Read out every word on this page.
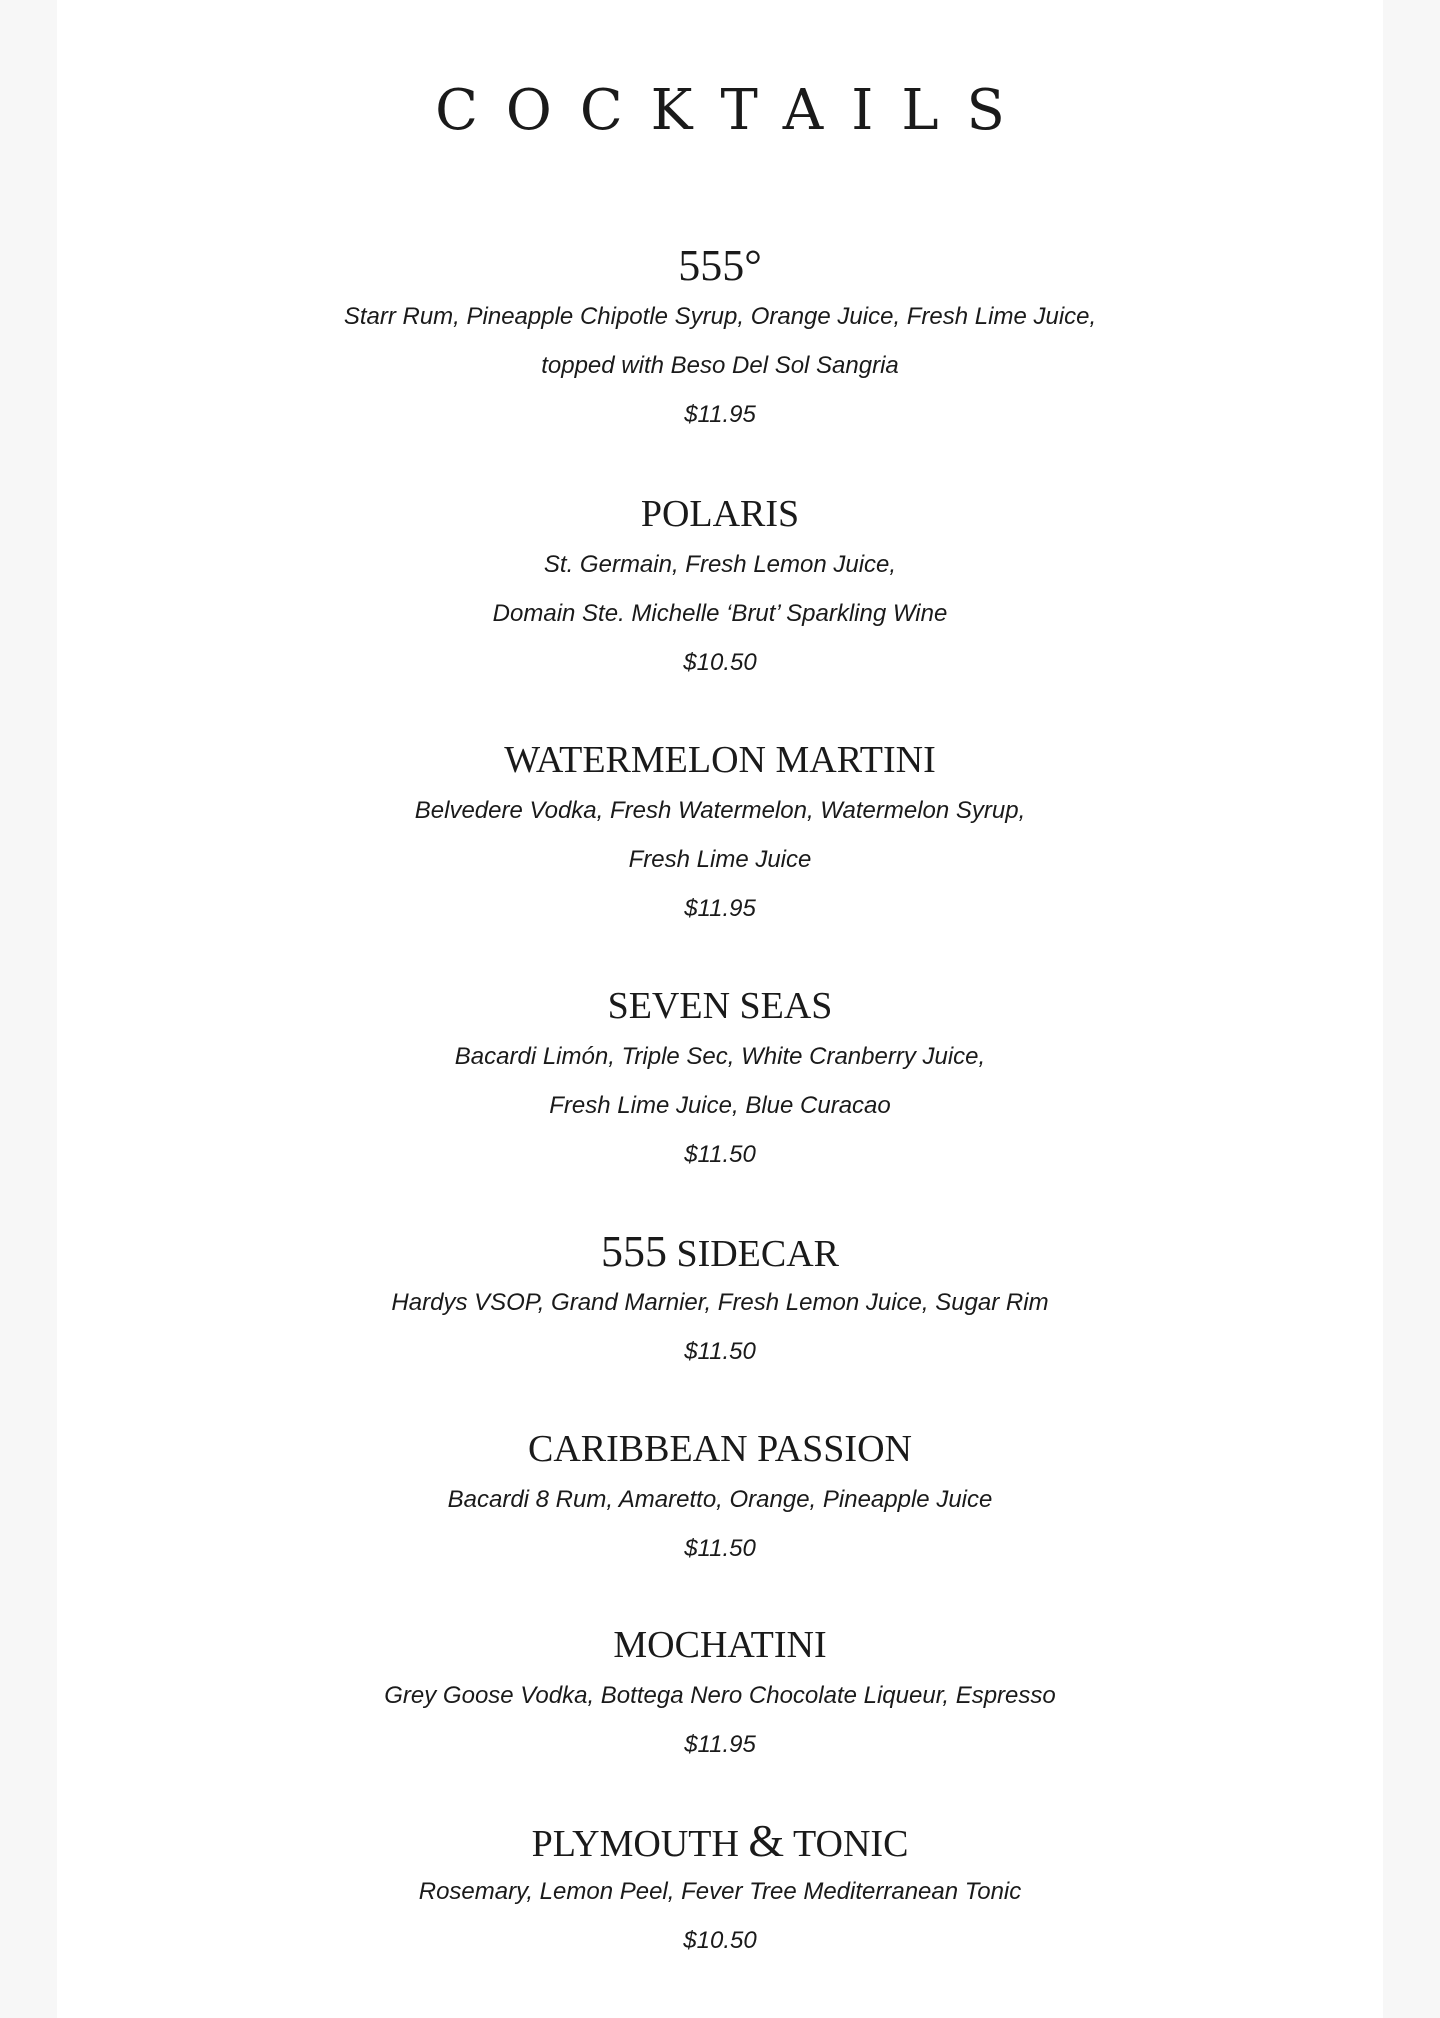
COCKTAILS
555°

Starr Rum, Pineapple Chipotle Syrup, Orange Juice, Fresh Lime Juice,

topped with Beso Del Sol Sangria

$11.95

POLARIS

St. Germain, Fresh Lemon Juice,

Domain Ste. Michelle ‘Brut’ Sparkling Wine

$10.50

WATERMELON MARTINI

Belvedere Vodka, Fresh Watermelon, Watermelon Syrup,

Fresh Lime Juice

$11.95

SEVEN SEAS

Bacardi Limón, Triple Sec, White Cranberry Juice,

Fresh Lime Juice, Blue Curacao

$11.50

555 SIDECAR

Hardys VSOP, Grand Marnier, Fresh Lemon Juice, Sugar Rim

$11.50

CARIBBEAN PASSION

Bacardi 8 Rum, Amaretto, Orange, Pineapple Juice

$11.50

MOCHATINI

Grey Goose Vodka, Bottega Nero Chocolate Liqueur, Espresso

$11.95

PLYMOUTH & TONIC

Rosemary, Lemon Peel, Fever Tree Mediterranean Tonic

$10.50
